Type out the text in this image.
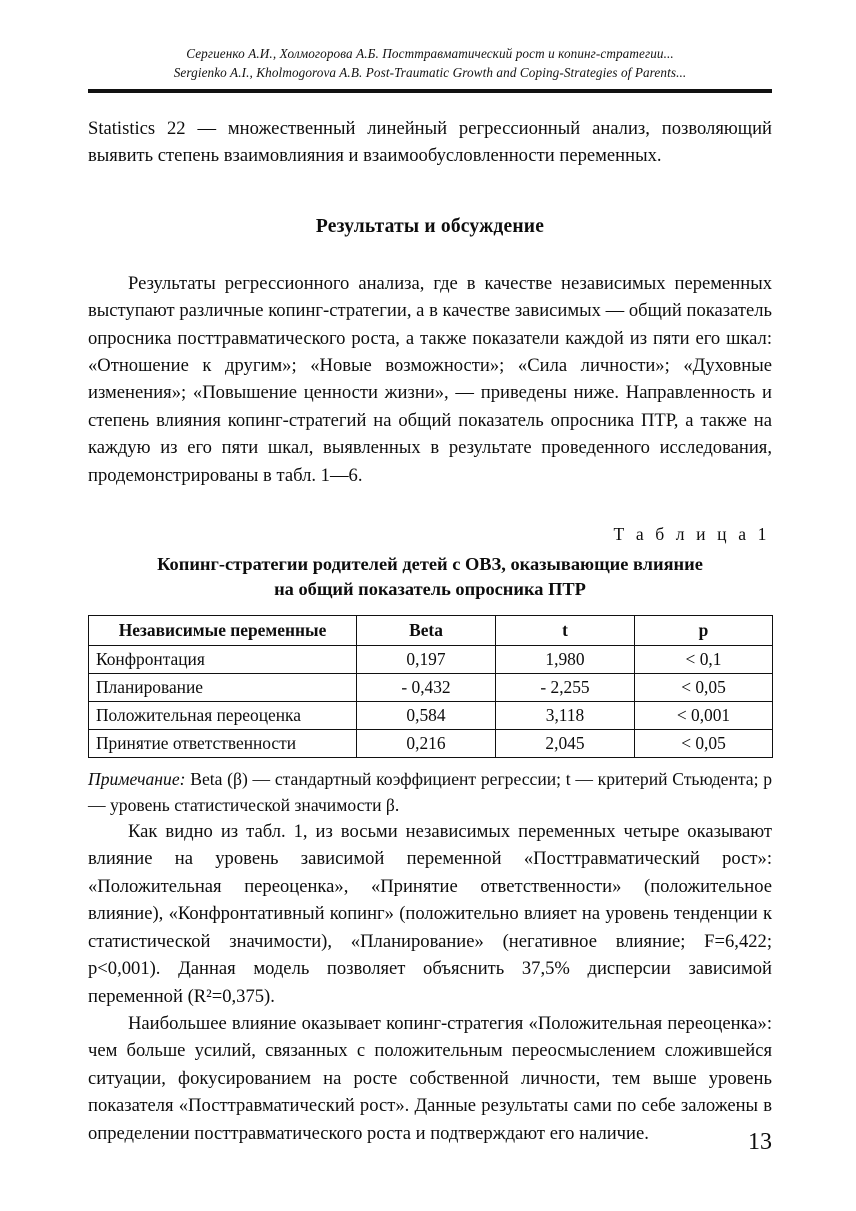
Сергиенко А.И., Холмогорова А.Б. Посттравматический рост и копинг-стратегии...
Sergienko A.I., Kholmogorova A.B. Post-Traumatic Growth and Coping-Strategies of Parents...

Statistics 22 — множественный линейный регрессионный анализ, позволяющий выявить степень взаимовлияния и взаимообусловленности переменных.

Результаты и обсуждение

Результаты регрессионного анализа, где в качестве независимых переменных выступают различные копинг-стратегии, а в качестве зависимых — общий показатель опросника посттравматического роста, а также показатели каждой из пяти его шкал: «Отношение к другим»; «Новые возможности»; «Сила личности»; «Духовные изменения»; «Повышение ценности жизни», — приведены ниже. Направленность и степень влияния копинг-стратегий на общий показатель опросника ПТР, а также на каждую из его пяти шкал, выявленных в результате проведенного исследования, продемонстрированы в табл. 1—6.

Т а б л и ц а 1
Копинг-стратегии родителей детей с ОВЗ, оказывающие влияние
на общий показатель опросника ПТР
Независимые переменные	Beta	t	p
Конфронтация	0,197	1,980	< 0,1
Планирование	- 0,432	- 2,255	< 0,05
Положительная переоценка	0,584	3,118	< 0,001
Принятие ответственности	0,216	2,045	< 0,05

Примечание: Beta (β) — стандартный коэффициент регрессии; t — критерий Стьюдента; p — уровень статистической значимости β.

Как видно из табл. 1, из восьми независимых переменных четыре оказывают влияние на уровень зависимой переменной «Посттравматический рост»: «Положительная переоценка», «Принятие ответственности» (положительное влияние), «Конфронтативный копинг» (положительно влияет на уровень тенденции к статистической значимости), «Планирование» (негативное влияние; F=6,422; p<0,001). Данная модель позволяет объяснить 37,5% дисперсии зависимой переменной (R²=0,375).

Наибольшее влияние оказывает копинг-стратегия «Положительная переоценка»: чем больше усилий, связанных с положительным переосмыслением сложившейся ситуации, фокусированием на росте собственной личности, тем выше уровень показателя «Посттравматический рост». Данные результаты сами по себе заложены в определении посттравматического роста и подтверждают его наличие.	13
